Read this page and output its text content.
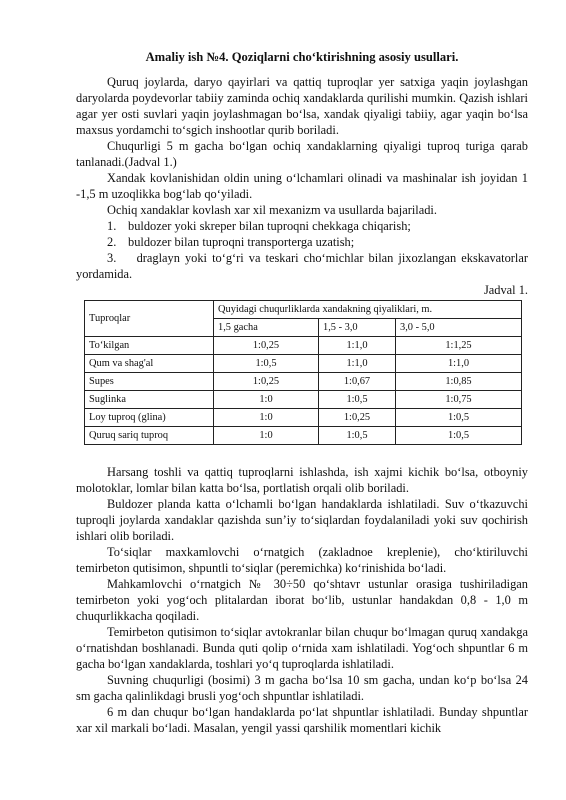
Amaliy ish №4. Qoziqlarni cho‘ktirishning asosiy usullari.

Quruq joylarda, daryo qayirlari va qattiq tuproqlar yer satxiga yaqin joylashgan daryolarda poydevorlar tabiiy zaminda ochiq xandaklarda qurilishi mumkin. Qazish ishlari agar yer osti suvlari yaqin joylashmagan bo‘lsa, xandak qiyaligi tabiiy, agar yaqin bo‘lsa maxsus yordamchi to‘sgich inshootlar qurib boriladi.

Chuqurligi 5 m gacha bo‘lgan ochiq xandaklarning qiyaligi tuproq turiga qarab tanlanadi.(Jadval 1.)

Xandak kovlanishidan oldin uning o‘lchamlari olinadi va mashinalar ish joyidan 1 -1,5 m uzoqlikka bog‘lab qo‘yiladi.

Ochiq xandaklar kovlash xar xil mexanizm va usullarda bajariladi.

1. buldozer yoki skreper bilan tuproqni chekkaga chiqarish;
2. buldozer bilan tuproqni transporterga uzatish;

3. draglayn yoki to‘g‘ri va teskari cho‘michlar bilan jixozlangan ekskavatorlar yordamida.

Jadval 1.
Tuproqlar	Quyidagi chuqurliklarda xandakning qiyaliklari, m.		
	1,5 gacha	1,5 - 3,0	3,0 - 5,0
To‘kilgan	1:0,25	1:1,0	1:1,25
Qum va shag'al	1:0,5	1:1,0	1:1,0
Supes	1:0,25	1:0,67	1:0,85
Suglinka	1:0	1:0,5	1:0,75
Loy tuproq (glina)	1:0	1:0,25	1:0,5
Quruq sariq tuproq	1:0	1:0,5	1:0,5

Harsang toshli va qattiq tuproqlarni ishlashda, ish xajmi kichik bo‘lsa, otboyniy molotoklar, lomlar bilan katta bo‘lsa, portlatish orqali olib boriladi.

Buldozer planda katta o‘lchamli bo‘lgan handaklarda ishlatiladi. Suv o‘tkazuvchi tuproqli joylarda xandaklar qazishda sun’iy to‘siqlardan foydalaniladi yoki suv qochirish ishlari olib boriladi.

To‘siqlar maxkamlovchi o‘rnatgich (zakladnoe kreplenie), cho‘ktiriluvchi temirbeton qutisimon, shpuntli to‘siqlar (peremichka) ko‘rinishida bo‘ladi.

Mahkamlovchi o‘rnatgich № 30÷50 qo‘shtavr ustunlar orasiga tushiriladigan temirbeton yoki yog‘och plitalardan iborat bo‘lib, ustunlar handakdan 0,8 - 1,0 m chuqurlikkacha qoqiladi.

Temirbeton qutisimon to‘siqlar avtokranlar bilan chuqur bo‘lmagan quruq xandakga o‘rnatishdan boshlanadi. Bunda quti qolip o‘rnida xam ishlatiladi. Yog‘och shpuntlar 6 m gacha bo‘lgan xandaklarda, toshlari yo‘q tuproqlarda ishlatiladi.

Suvning chuqurligi (bosimi) 3 m gacha bo‘lsa 10 sm gacha, undan ko‘p bo‘lsa 24 sm gacha qalinlikdagi brusli yog‘och shpuntlar ishlatiladi.

6 m dan chuqur bo‘lgan handaklarda po‘lat shpuntlar ishlatiladi. Bunday shpuntlar xar xil markali bo‘ladi. Masalan, yengil yassi qarshilik momentlari kichik
